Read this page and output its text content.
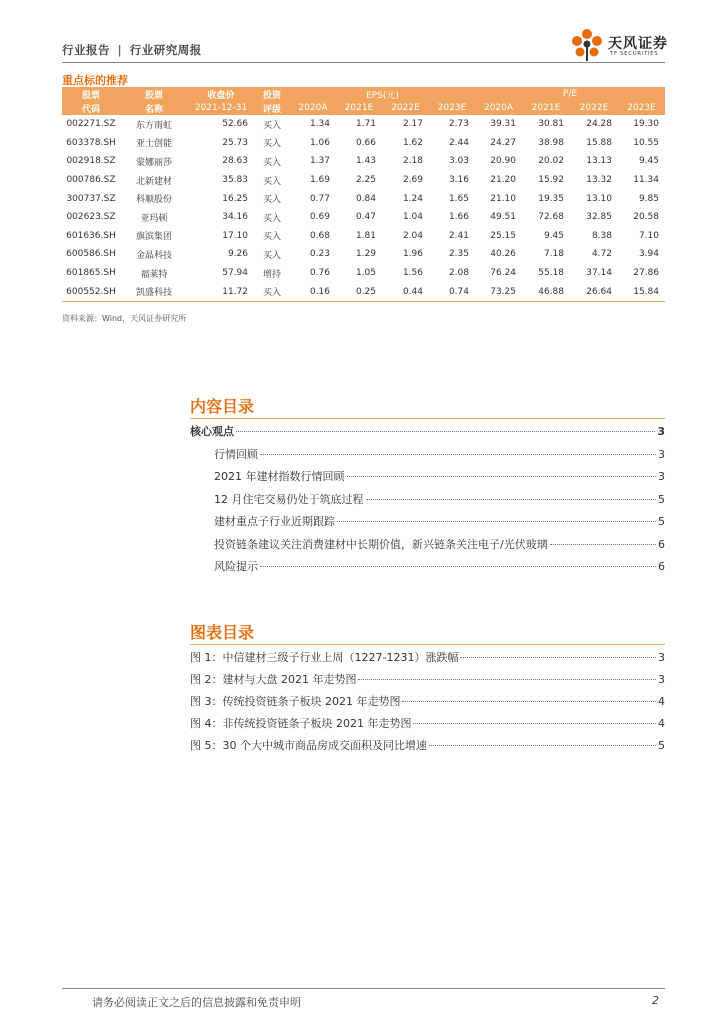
行业报告 | 行业研究周报	天风证券
TF SECURITIES
重点标的推荐
股票	股票	收盘价	投资	EPS(元)				P/E			
代码	名称	2021-12-31	评级	2020A	2021E	2022E	2023E	2020A	2021E	2022E	2023E
002271.SZ	东方雨虹	52.66	买入	1.34	1.71	2.17	2.73	39.31	30.81	24.28	19.30
603378.SH	亚士创能	25.73	买入	1.06	0.66	1.62	2.44	24.27	38.98	15.88	10.55
002918.SZ	蒙娜丽莎	28.63	买入	1.37	1.43	2.18	3.03	20.90	20.02	13.13	9.45
000786.SZ	北新建材	35.83	买入	1.69	2.25	2.69	3.16	21.20	15.92	13.32	11.34
300737.SZ	科顺股份	16.25	买入	0.77	0.84	1.24	1.65	21.10	19.35	13.10	9.85
002623.SZ	亚玛顿	34.16	买入	0.69	0.47	1.04	1.66	49.51	72.68	32.85	20.58
601636.SH	旗滨集团	17.10	买入	0.68	1.81	2.04	2.41	25.15	9.45	8.38	7.10
600586.SH	金晶科技	9.26	买入	0.23	1.29	1.96	2.35	40.26	7.18	4.72	3.94
601865.SH	福莱特	57.94	增持	0.76	1.05	1.56	2.08	76.24	55.18	37.14	27.86
600552.SH	凯盛科技	11.72	买入	0.16	0.25	0.44	0.74	73.25	46.88	26.64	15.84
资料来源：Wind，天风证券研究所
内容目录
核心观点	3
行情回顾	3
2021 年建材指数行情回顾	3
12 月住宅交易仍处于筑底过程	5
建材重点子行业近期跟踪	5
投资链条建议关注消费建材中长期价值，新兴链条关注电子/光伏玻璃	6
风险提示	6
图表目录
图 1：中信建材三级子行业上周（1227-1231）涨跌幅	3
图 2：建材与大盘 2021 年走势图	3
图 3：传统投资链条子板块 2021 年走势图	4
图 4：非传统投资链条子板块 2021 年走势图	4
图 5：30 个大中城市商品房成交面积及同比增速	5
请务必阅读正文之后的信息披露和免责申明	2
